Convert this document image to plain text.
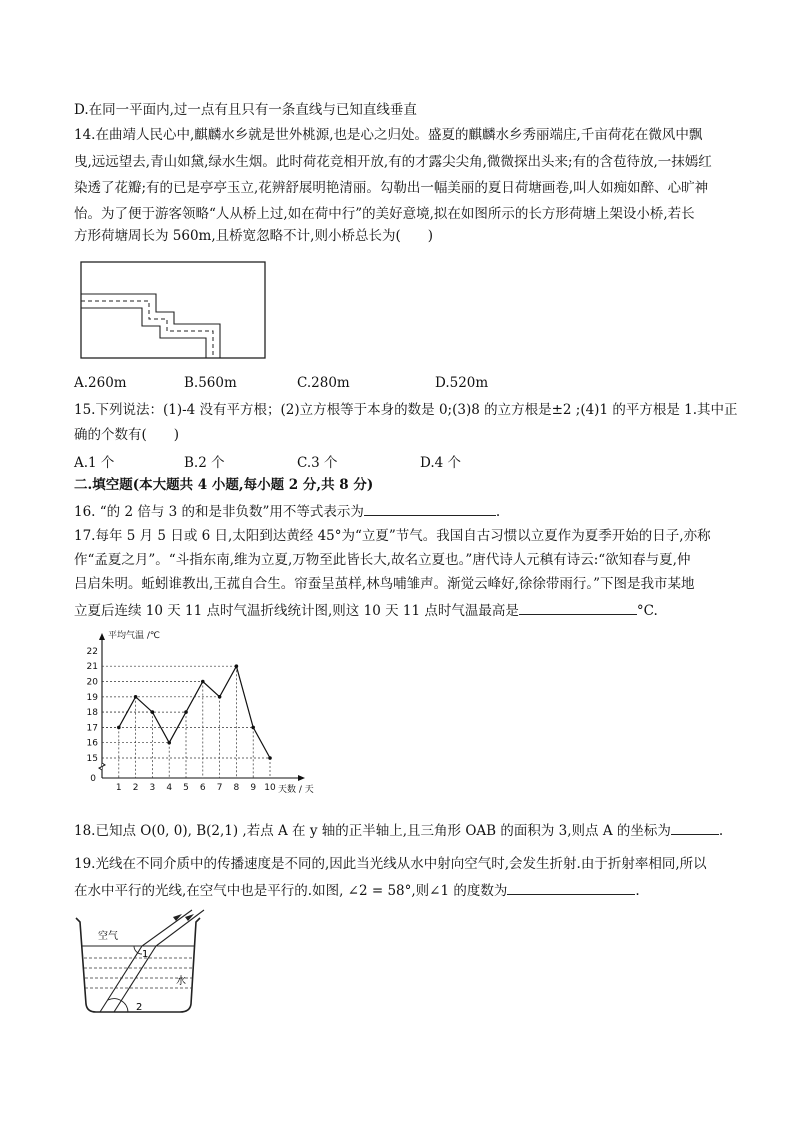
D.在同一平面内,过一点有且只有一条直线与已知直线垂直
14.在曲靖人民心中,麒麟水乡就是世外桃源,也是心之归处。盛夏的麒麟水乡秀丽端庄,千亩荷花在微风中飘
曳,远远望去,青山如黛,绿水生烟。此时荷花竞相开放,有的才露尖尖角,微微探出头来;有的含苞待放,一抹嫣红
染透了花瓣;有的已是亭亭玉立,花辨舒展明艳清丽。勾勒出一幅美丽的夏日荷塘画卷,叫人如痴如醉、心旷神
怡。为了便于游客领略“人从桥上过,如在荷中行”的美好意境,拟在如图所示的长方形荷塘上架设小桥,若长
方形荷塘周长为 560m,且桥宽忽略不计,则小桥总长为(　　)
A.260m	B.560m	C.280m	D.520m
15.下列说法：(1)-4 没有平方根；(2)立方根等于本身的数是 0;(3)8 的立方根是±2 ;(4)1 的平方根是 1.其中正
确的个数有(　　)
A.1 个	B.2 个	C.3 个	D.4 个
二.填空题(本大题共 4 小题,每小题 2 分,共 8 分)
16. “的 2 倍与 3 的和是非负数”用不等式表示为	.
17.每年 5 月 5 日或 6 日,太阳到达黄经 45°为“立夏”节气。我国自古习惯以立夏作为夏季开始的日子,亦称
作“孟夏之月”。“斗指东南,维为立夏,万物至此皆长大,故名立夏也。”唐代诗人元稹有诗云:“欲知春与夏,仲
吕启朱明。蚯蚓谁教出,王菰自合生。帘蚕呈茧样,林鸟哺雏声。渐觉云峰好,徐徐带雨行。”下图是我市某地
立夏后连续 10 天 11 点时气温折线统计图,则这 10 天 11 点时气温最高是	°C.
15
16
17
18
19
20
21
22
0
1 2 3 4 5 6 7 8 9 10
平均气温 /℃
天数 / 天
18.已知点 O(0, 0), B(2,1) ,若点 A 在 y 轴的正半轴上,且三角形 OAB 的面积为 3,则点 A 的坐标为	.
19.光线在不同介质中的传播速度是不同的,因此当光线从水中射向空气时,会发生折射.由于折射率相同,所以
在水中平行的光线,在空气中也是平行的.如图, ∠2 = 58°,则∠1 的度数为	.
空气
1
水
2
